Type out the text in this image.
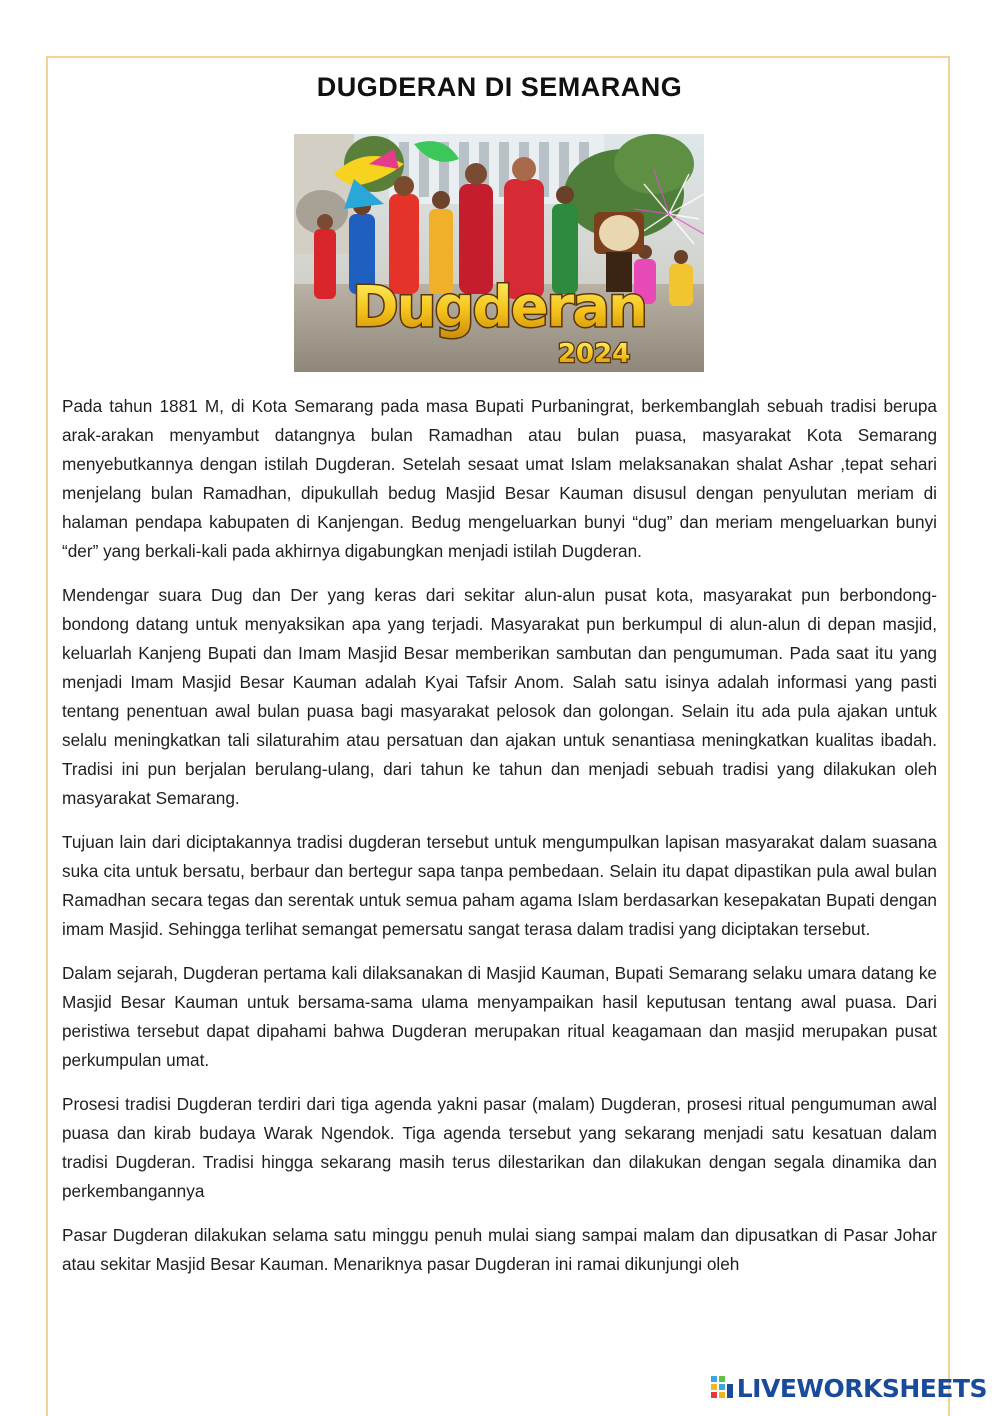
DUGDERAN DI SEMARANG
Dugderan
2024

Pada tahun 1881 M, di Kota Semarang pada masa Bupati Purbaningrat, berkembanglah sebuah tradisi berupa arak-arakan menyambut datangnya bulan Ramadhan atau bulan puasa, masyarakat Kota Semarang menyebutkannya dengan istilah Dugderan. Setelah sesaat umat Islam melaksanakan shalat Ashar ,tepat sehari menjelang bulan Ramadhan, dipukullah bedug Masjid Besar Kauman disusul dengan penyulutan meriam di halaman pendapa kabupaten di Kanjengan. Bedug mengeluarkan bunyi “dug” dan meriam mengeluarkan bunyi “der” yang berkali-kali pada akhirnya digabungkan menjadi istilah Dugderan.

Mendengar suara Dug dan Der yang keras dari sekitar alun-alun pusat kota, masyarakat pun berbondong-bondong datang untuk menyaksikan apa yang terjadi. Masyarakat pun berkumpul di alun-alun di depan masjid, keluarlah Kanjeng Bupati dan Imam Masjid Besar memberikan sambutan dan pengumuman. Pada saat itu yang menjadi Imam Masjid Besar Kauman adalah Kyai Tafsir Anom. Salah satu isinya adalah informasi yang pasti tentang penentuan awal bulan puasa bagi masyarakat pelosok dan golongan. Selain itu ada pula ajakan untuk selalu meningkatkan tali silaturahim atau persatuan dan ajakan untuk senantiasa meningkatkan kualitas ibadah. Tradisi ini pun berjalan berulang-ulang, dari tahun ke tahun dan menjadi sebuah tradisi yang dilakukan oleh masyarakat Semarang.

Tujuan lain dari diciptakannya tradisi dugderan tersebut untuk mengumpulkan lapisan masyarakat dalam suasana suka cita untuk bersatu, berbaur dan bertegur sapa tanpa pembedaan. Selain itu dapat dipastikan pula awal bulan Ramadhan secara tegas dan serentak untuk semua paham agama Islam berdasarkan kesepakatan Bupati dengan imam Masjid. Sehingga terlihat semangat pemersatu sangat terasa dalam tradisi yang diciptakan tersebut.

Dalam sejarah, Dugderan pertama kali dilaksanakan di Masjid Kauman, Bupati Semarang selaku umara datang ke Masjid Besar Kauman untuk bersama-sama ulama menyampaikan hasil keputusan tentang awal puasa. Dari peristiwa tersebut dapat dipahami bahwa Dugderan merupakan ritual keagamaan dan masjid merupakan pusat perkumpulan umat.

Prosesi tradisi Dugderan terdiri dari tiga agenda yakni pasar (malam) Dugderan, prosesi ritual pengumuman awal puasa dan kirab budaya Warak Ngendok. Tiga agenda tersebut yang sekarang menjadi satu kesatuan dalam tradisi Dugderan. Tradisi hingga sekarang masih terus dilestarikan dan dilakukan dengan segala dinamika dan perkembangannya

Pasar Dugderan dilakukan selama satu minggu penuh mulai siang sampai malam dan dipusatkan di Pasar Johar atau sekitar Masjid Besar Kauman. Menariknya pasar Dugderan ini ramai dikunjungi oleh

LIVEWORKSHEETS
